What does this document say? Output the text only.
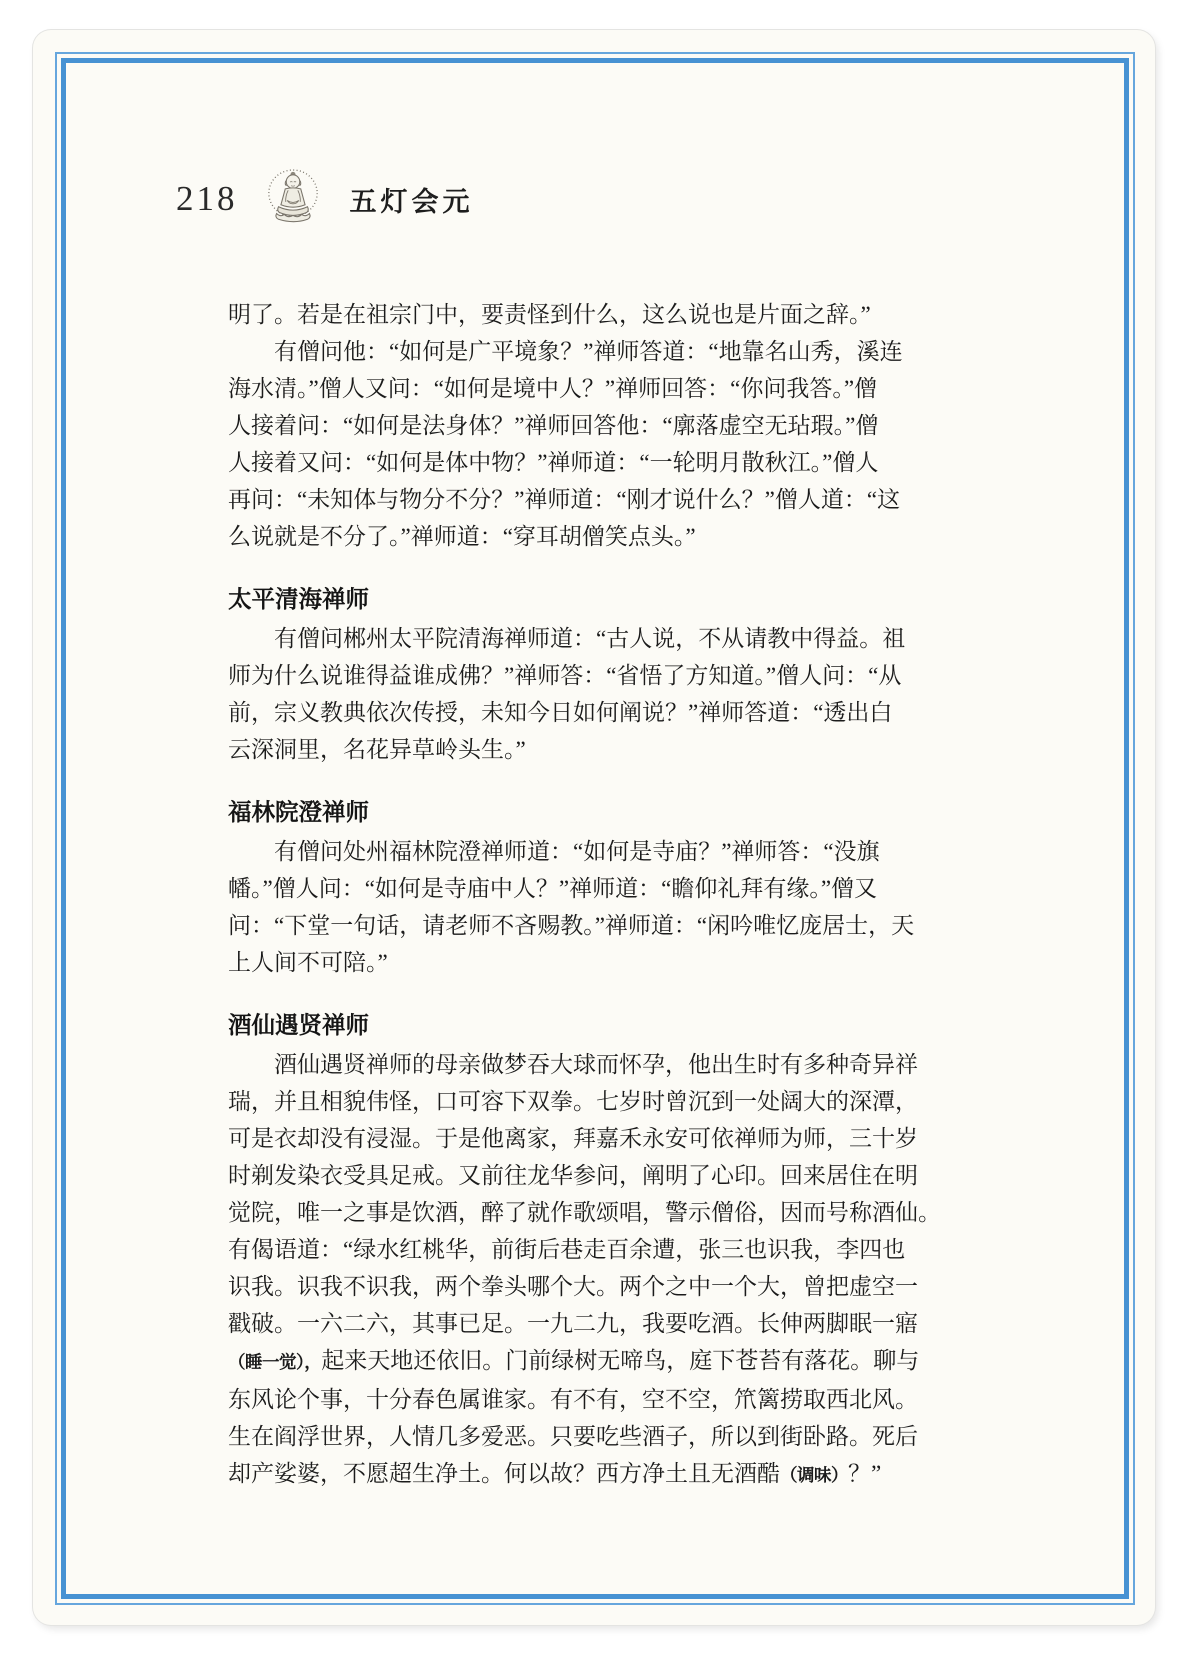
218	五灯会元
明了。若是在祖宗门中，要责怪到什么，这么说也是片面之辞。”
　　有僧问他：“如何是广平境象？”禅师答道：“地靠名山秀，溪连
海水清。”僧人又问：“如何是境中人？”禅师回答：“你问我答。”僧
人接着问：“如何是法身体？”禅师回答他：“廓落虚空无玷瑕。”僧
人接着又问：“如何是体中物？”禅师道：“一轮明月散秋江。”僧人
再问：“未知体与物分不分？”禅师道：“刚才说什么？”僧人道：“这
么说就是不分了。”禅师道：“穿耳胡僧笑点头。”
太平清海禅师
　　有僧问郴州太平院清海禅师道：“古人说，不从请教中得益。祖
师为什么说谁得益谁成佛？”禅师答：“省悟了方知道。”僧人问：“从
前，宗义教典依次传授，未知今日如何阐说？”禅师答道：“透出白
云深洞里，名花异草岭头生。”
福林院澄禅师
　　有僧问处州福林院澄禅师道：“如何是寺庙？”禅师答：“没旗
幡。”僧人问：“如何是寺庙中人？”禅师道：“瞻仰礼拜有缘。”僧又
问：“下堂一句话，请老师不吝赐教。”禅师道：“闲吟唯忆庞居士，天
上人间不可陪。”
酒仙遇贤禅师
　　酒仙遇贤禅师的母亲做梦吞大球而怀孕，他出生时有多种奇异祥
瑞，并且相貌伟怪，口可容下双拳。七岁时曾沉到一处阔大的深潭，
可是衣却没有浸湿。于是他离家，拜嘉禾永安可依禅师为师，三十岁
时剃发染衣受具足戒。又前往龙华参问，阐明了心印。回来居住在明
觉院，唯一之事是饮酒，醉了就作歌颂唱，警示僧俗，因而号称酒仙。
有偈语道：“绿水红桃华，前街后巷走百余遭，张三也识我，李四也
识我。识我不识我，两个拳头哪个大。两个之中一个大，曾把虚空一
戳破。一六二六，其事已足。一九二九，我要吃酒。长伸两脚眠一寤
（睡一觉），起来天地还依旧。门前绿树无啼鸟，庭下苍苔有落花。聊与
东风论个事，十分春色属谁家。有不有，空不空，笊篱捞取西北风。
生在阎浮世界，人情几多爱恶。只要吃些酒子，所以到街卧路。死后
却产娑婆，不愿超生净土。何以故？西方净土且无酒酷（调味）？”
